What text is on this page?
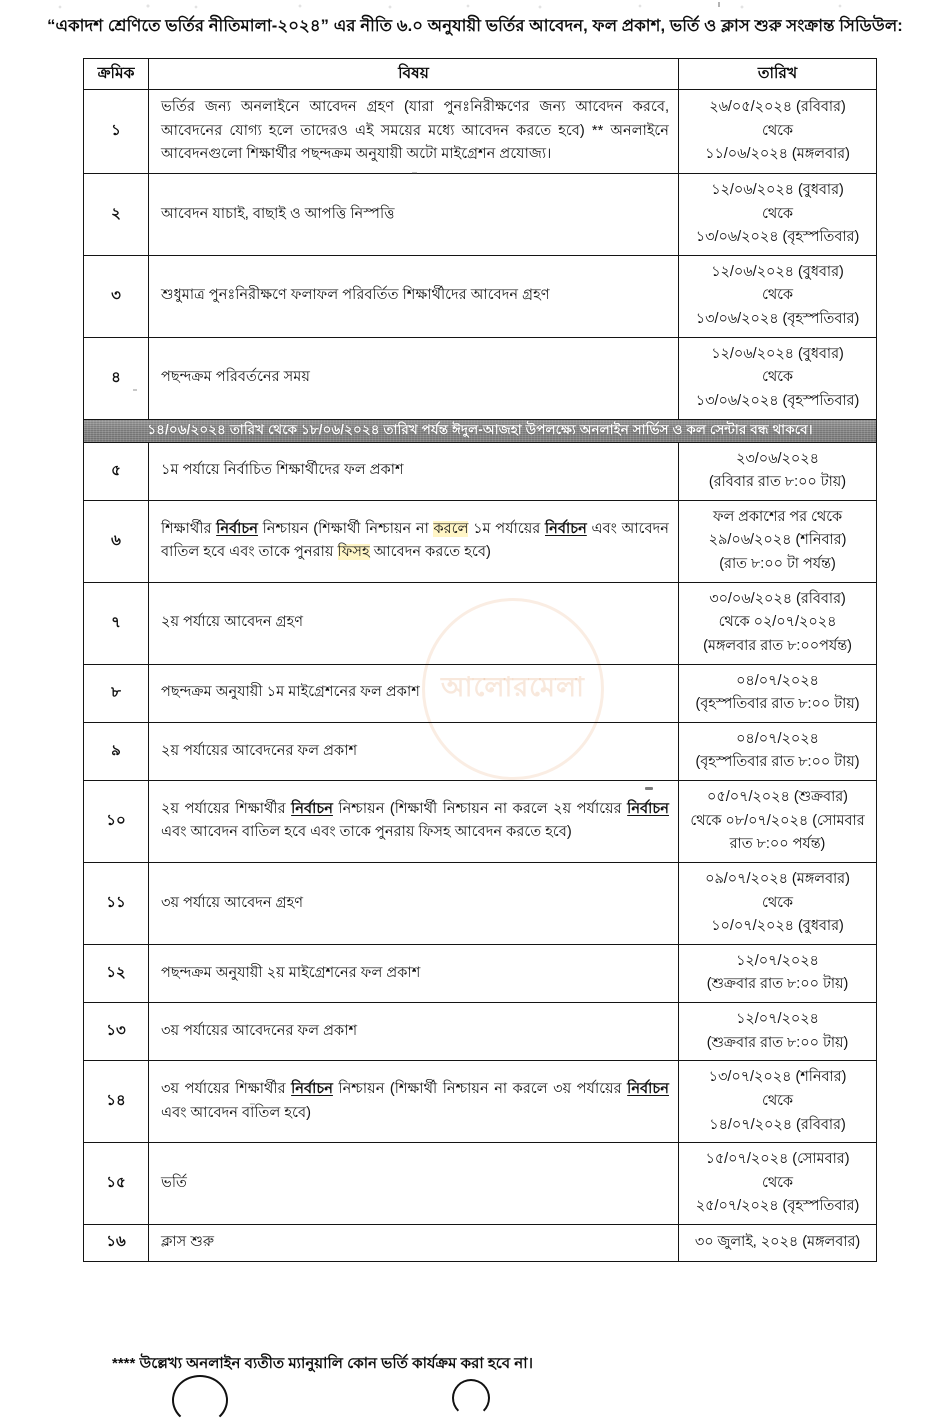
আলোরমেলা
“একাদশ শ্রেণিতে ভর্তির নীতিমালা-২০২৪” এর নীতি ৬.০ অনুযায়ী ভর্তির আবেদন, ফল প্রকাশ, ভর্তি ও ক্লাস শুরু সংক্রান্ত সিডিউল:
ক্রমিক	বিষয়	তারিখ
১	ভর্তির জন্য অনলাইনে আবেদন গ্রহণ (যারা পুনঃনিরীক্ষণের জন্য আবেদন করবে, আবেদনের যোগ্য হলে তাদেরও এই সময়ের মধ্যে আবেদন করতে হবে) ** অনলাইনে আবেদনগুলো শিক্ষার্থীর পছন্দক্রম অনুযায়ী অটো মাইগ্রেশন প্রযোজ্য।	
২৬/০৫/২০২৪ (রবিবার)
থেকে
১১/০৬/২০২৪ (মঙ্গলবার)

২	আবেদন যাচাই, বাছাই ও আপত্তি নিস্পত্তি	১২/০৬/২০২৪ (বুধবার)
থেকে
১৩/০৬/২০২৪ (বৃহস্পতিবার)

৩	শুধুমাত্র পুনঃনিরীক্ষণে ফলাফল পরিবর্তিত শিক্ষার্থীদের আবেদন গ্রহণ	১২/০৬/২০২৪ (বুধবার)
থেকে
১৩/০৬/২০২৪ (বৃহস্পতিবার)

৪	পছন্দক্রম পরিবর্তনের সময়	১২/০৬/২০২৪ (বুধবার)
থেকে
১৩/০৬/২০২৪ (বৃহস্পতিবার)

১৪/০৬/২০২৪ তারিখ থেকে ১৮/০৬/২০২৪ তারিখ পর্যন্ত ঈদুল-আজহা উপলক্ষ্যে অনলাইন সার্ভিস ও কল সেন্টার বন্ধ থাকবে।		

৫	১ম পর্যায়ে নির্বাচিত শিক্ষার্থীদের ফল প্রকাশ	২৩/০৬/২০২৪
(রবিবার রাত ৮:০০ টায়)

৬	শিক্ষার্থীর নির্বাচন নিশ্চায়ন (শিক্ষার্থী নিশ্চায়ন না করলে ১ম পর্যায়ের নির্বাচন এবং আবেদন বাতিল হবে এবং তাকে পুনরায় ফিসহ আবেদন করতে হবে)	ফল প্রকাশের পর থেকে
২৯/০৬/২০২৪ (শনিবার)
(রাত ৮:০০ টা পর্যন্ত)

৭	২য় পর্যায়ে আবেদন গ্রহণ	৩০/০৬/২০২৪ (রবিবার)
থেকে ০২/০৭/২০২৪
(মঙ্গলবার রাত ৮:০০পর্যন্ত)

৮	পছন্দক্রম অনুযায়ী ১ম মাইগ্রেশনের ফল প্রকাশ	০৪/০৭/২০২৪
(বৃহস্পতিবার রাত ৮:০০ টায়)

৯	২য় পর্যায়ের আবেদনের ফল প্রকাশ	০৪/০৭/২০২৪
(বৃহস্পতিবার রাত ৮:০০ টায়)

১০	২য় পর্যায়ের শিক্ষার্থীর নির্বাচন নিশ্চায়ন (শিক্ষার্থী নিশ্চায়ন না করলে ২য় পর্যায়ের নির্বাচন এবং আবেদন বাতিল হবে এবং তাকে পুনরায় ফিসহ আবেদন করতে হবে)	০৫/০৭/২০২৪ (শুক্রবার)
থেকে ০৮/০৭/২০২৪ (সোমবার
রাত ৮:০০ পর্যন্ত)

১১	৩য় পর্যায়ে আবেদন গ্রহণ	০৯/০৭/২০২৪ (মঙ্গলবার)
থেকে
১০/০৭/২০২৪ (বুধবার)

১২	পছন্দক্রম অনুযায়ী ২য় মাইগ্রেশনের ফল প্রকাশ	১২/০৭/২০২৪
(শুক্রবার রাত ৮:০০ টায়)

১৩	৩য় পর্যায়ের আবেদনের ফল প্রকাশ	১২/০৭/২০২৪
(শুক্রবার রাত ৮:০০ টায়)

১৪	৩য় পর্যায়ের শিক্ষার্থীর নির্বাচন নিশ্চায়ন (শিক্ষার্থী নিশ্চায়ন না করলে ৩য় পর্যায়ের নির্বাচন এবং আবেদন বাতিল হবে)	১৩/০৭/২০২৪ (শনিবার)
থেকে
১৪/০৭/২০২৪ (রবিবার)

১৫	ভর্তি	১৫/০৭/২০২৪ (সোমবার)
থেকে
২৫/০৭/২০২৪ (বৃহস্পতিবার)

১৬	ক্লাস শুরু	৩০ জুলাই, ২০২৪ (মঙ্গলবার)
**** উল্লেখ্য অনলাইন ব্যতীত ম্যানুয়ালি কোন ভর্তি কার্যক্রম করা হবে না।
